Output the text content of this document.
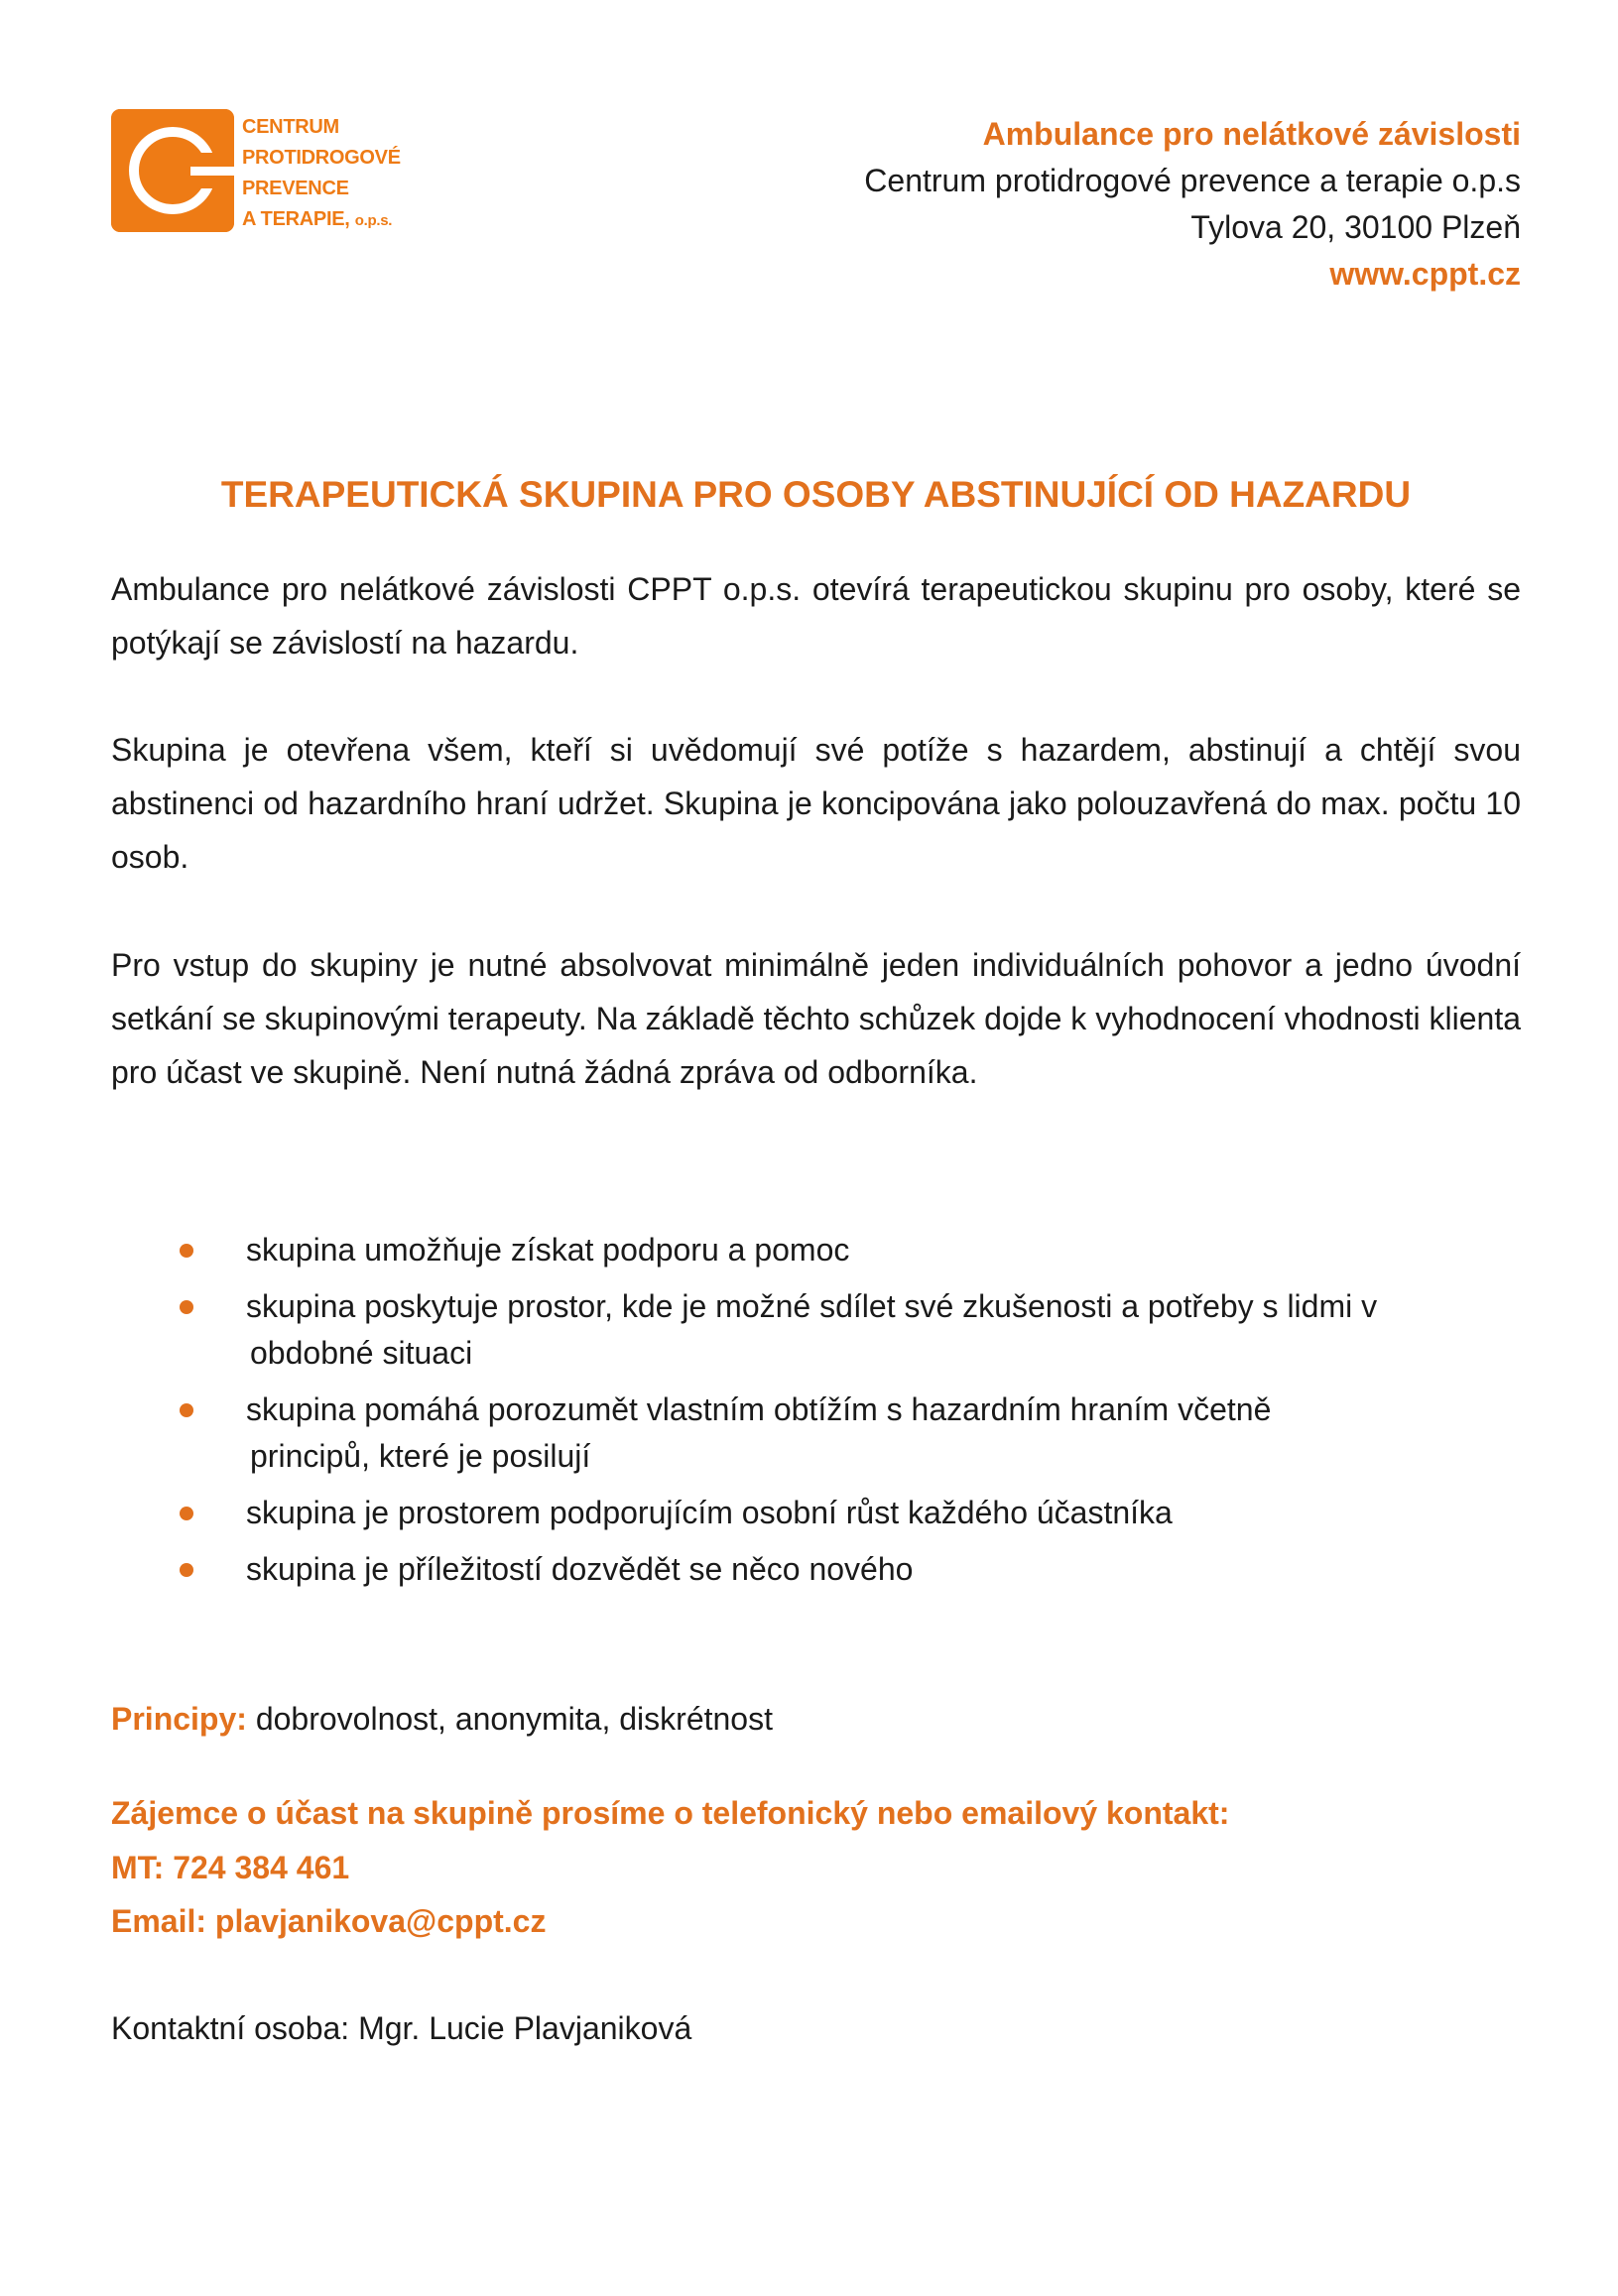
CENTRUM
PROTIDROGOVÉ
PREVENCE
A TERAPIE, o.p.s.
Ambulance pro nelátkové závislosti
Centrum protidrogové prevence a terapie o.p.s
Tylova 20, 30100 Plzeň
www.cppt.cz
TERAPEUTICKÁ SKUPINA PRO OSOBY ABSTINUJÍCÍ OD HAZARDU
Ambulance pro nelátkové závislosti CPPT o.p.s. otevírá terapeutickou skupinu pro osoby, které se potýkají se závislostí na hazardu.
Skupina je otevřena všem, kteří si uvědomují své potíže s hazardem, abstinují a chtějí svou abstinenci od hazardního hraní udržet. Skupina je koncipována jako polouzavřená do max. počtu 10 osob.
Pro vstup do skupiny je nutné absolvovat minimálně jeden individuálních pohovor a jedno úvodní setkání se skupinovými terapeuty. Na základě těchto schůzek dojde k vyhodnocení vhodnosti klienta pro účast ve skupině. Není nutná žádná zpráva od odborníka.
skupina umožňuje získat podporu a pomoc
skupina poskytuje prostor, kde je možné sdílet své zkušenosti a potřeby s lidmi v
obdobné situaci
skupina pomáhá porozumět vlastním obtížím s hazardním hraním včetně
principů, které je posilují
skupina je prostorem podporujícím osobní růst každého účastníka
skupina je příležitostí dozvědět se něco nového
Principy: dobrovolnost, anonymita, diskrétnost
Zájemce o účast na skupině prosíme o telefonický nebo emailový kontakt:
MT: 724 384 461
Email: plavjanikova@cppt.cz
Kontaktní osoba: Mgr. Lucie Plavjaniková
